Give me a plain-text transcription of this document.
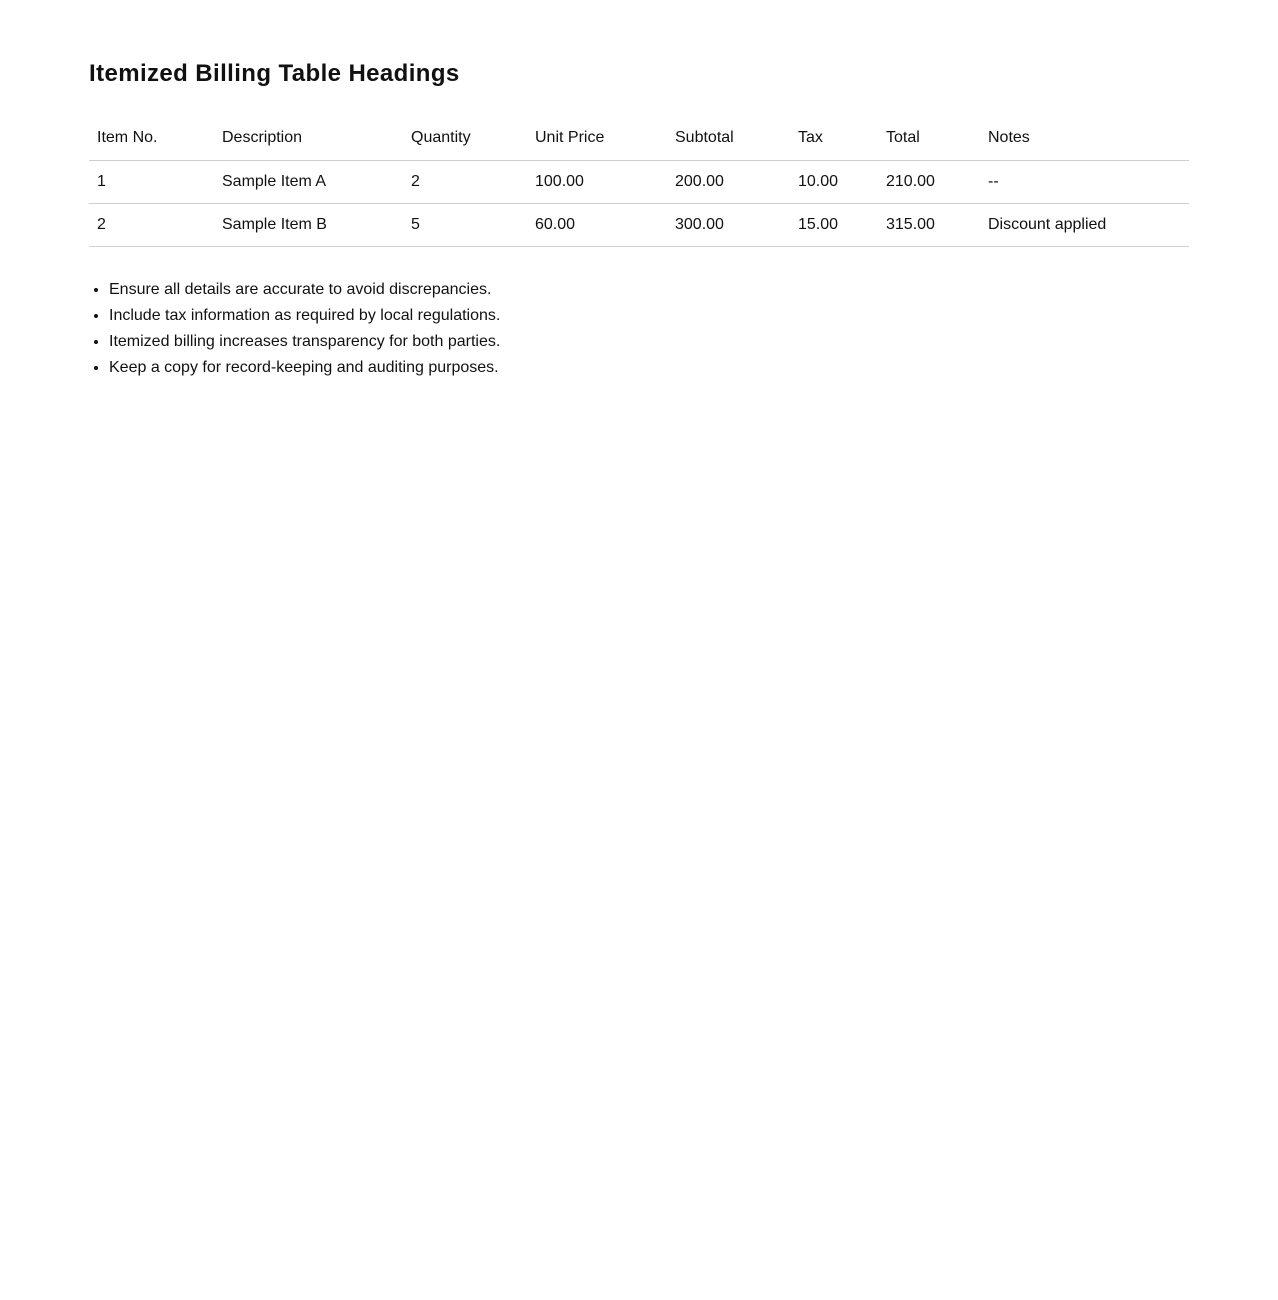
Itemized Billing Table Headings
Item No.	Description	Quantity	Unit Price	Subtotal	Tax	Total	Notes
1	Sample Item A	2	100.00	200.00	10.00	210.00	--
2	Sample Item B	5	60.00	300.00	15.00	315.00	Discount applied
• Ensure all details are accurate to avoid discrepancies.
• Include tax information as required by local regulations.
• Itemized billing increases transparency for both parties.
• Keep a copy for record-keeping and auditing purposes.
